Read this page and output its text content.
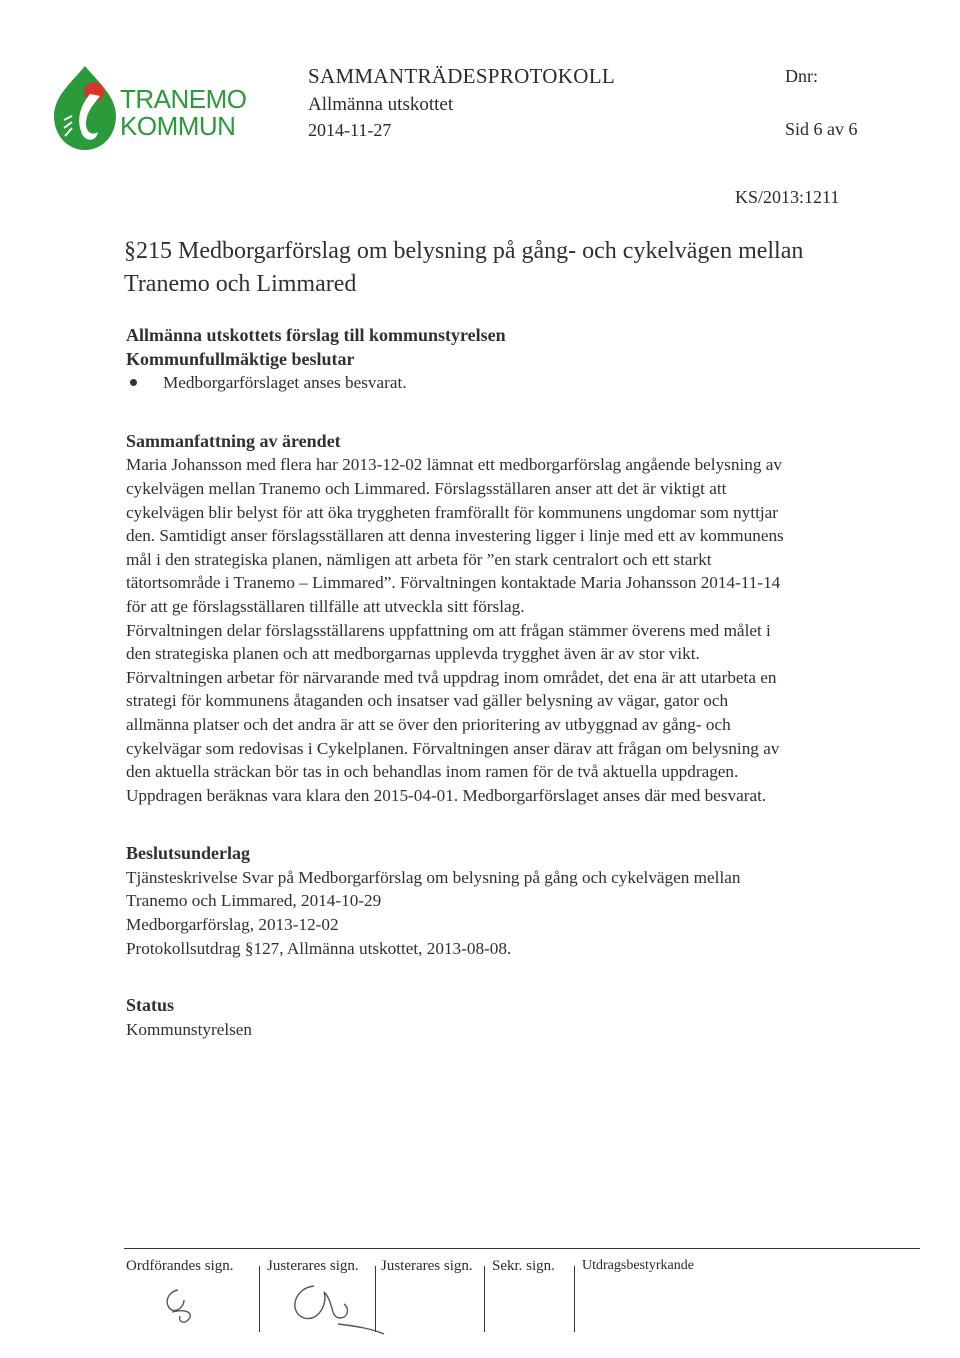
TRANEMO
KOMMUN
SAMMANTRÄDESPROTOKOLL
Allmänna utskottet
2014-11-27
Dnr:
Sid 6 av 6
KS/2013:1211
§215 Medborgarförslag om belysning på gång- och cykelvägen mellan
Tranemo och Limmared
Allmänna utskottets förslag till kommunstyrelsen
Kommunfullmäktige beslutar
Medborgarförslaget anses besvarat.
Sammanfattning av ärendet

Maria Johansson med flera har 2013-12-02 lämnat ett medborgarförslag angående belysning av

cykelvägen mellan Tranemo och Limmared. Förslagsställaren anser att det är viktigt att

cykelvägen blir belyst för att öka tryggheten framförallt för kommunens ungdomar som nyttjar

den. Samtidigt anser förslagsställaren att denna investering ligger i linje med ett av kommunens

mål i den strategiska planen, nämligen att arbeta för ”en stark centralort och ett starkt

tätortsområde i Tranemo – Limmared”. Förvaltningen kontaktade Maria Johansson 2014-11-14

för att ge förslagsställaren tillfälle att utveckla sitt förslag.

Förvaltningen delar förslagsställarens uppfattning om att frågan stämmer överens med målet i

den strategiska planen och att medborgarnas upplevda trygghet även är av stor vikt.

Förvaltningen arbetar för närvarande med två uppdrag inom området, det ena är att utarbeta en

strategi för kommunens åtaganden och insatser vad gäller belysning av vägar, gator och

allmänna platser och det andra är att se över den prioritering av utbyggnad av gång- och

cykelvägar som redovisas i Cykelplanen. Förvaltningen anser därav att frågan om belysning av

den aktuella sträckan bör tas in och behandlas inom ramen för de två aktuella uppdragen.

Uppdragen beräknas vara klara den 2015-04-01. Medborgarförslaget anses där med besvarat.

Beslutsunderlag

Tjänsteskrivelse Svar på Medborgarförslag om belysning på gång och cykelvägen mellan

Tranemo och Limmared, 2014-10-29

Medborgarförslag, 2013-12-02

Protokollsutdrag §127, Allmänna utskottet, 2013-08-08.

Status

Kommunstyrelsen

Ordförandes sign. Justerares sign. Justerares sign. Sekr. sign. Utdragsbestyrkande
